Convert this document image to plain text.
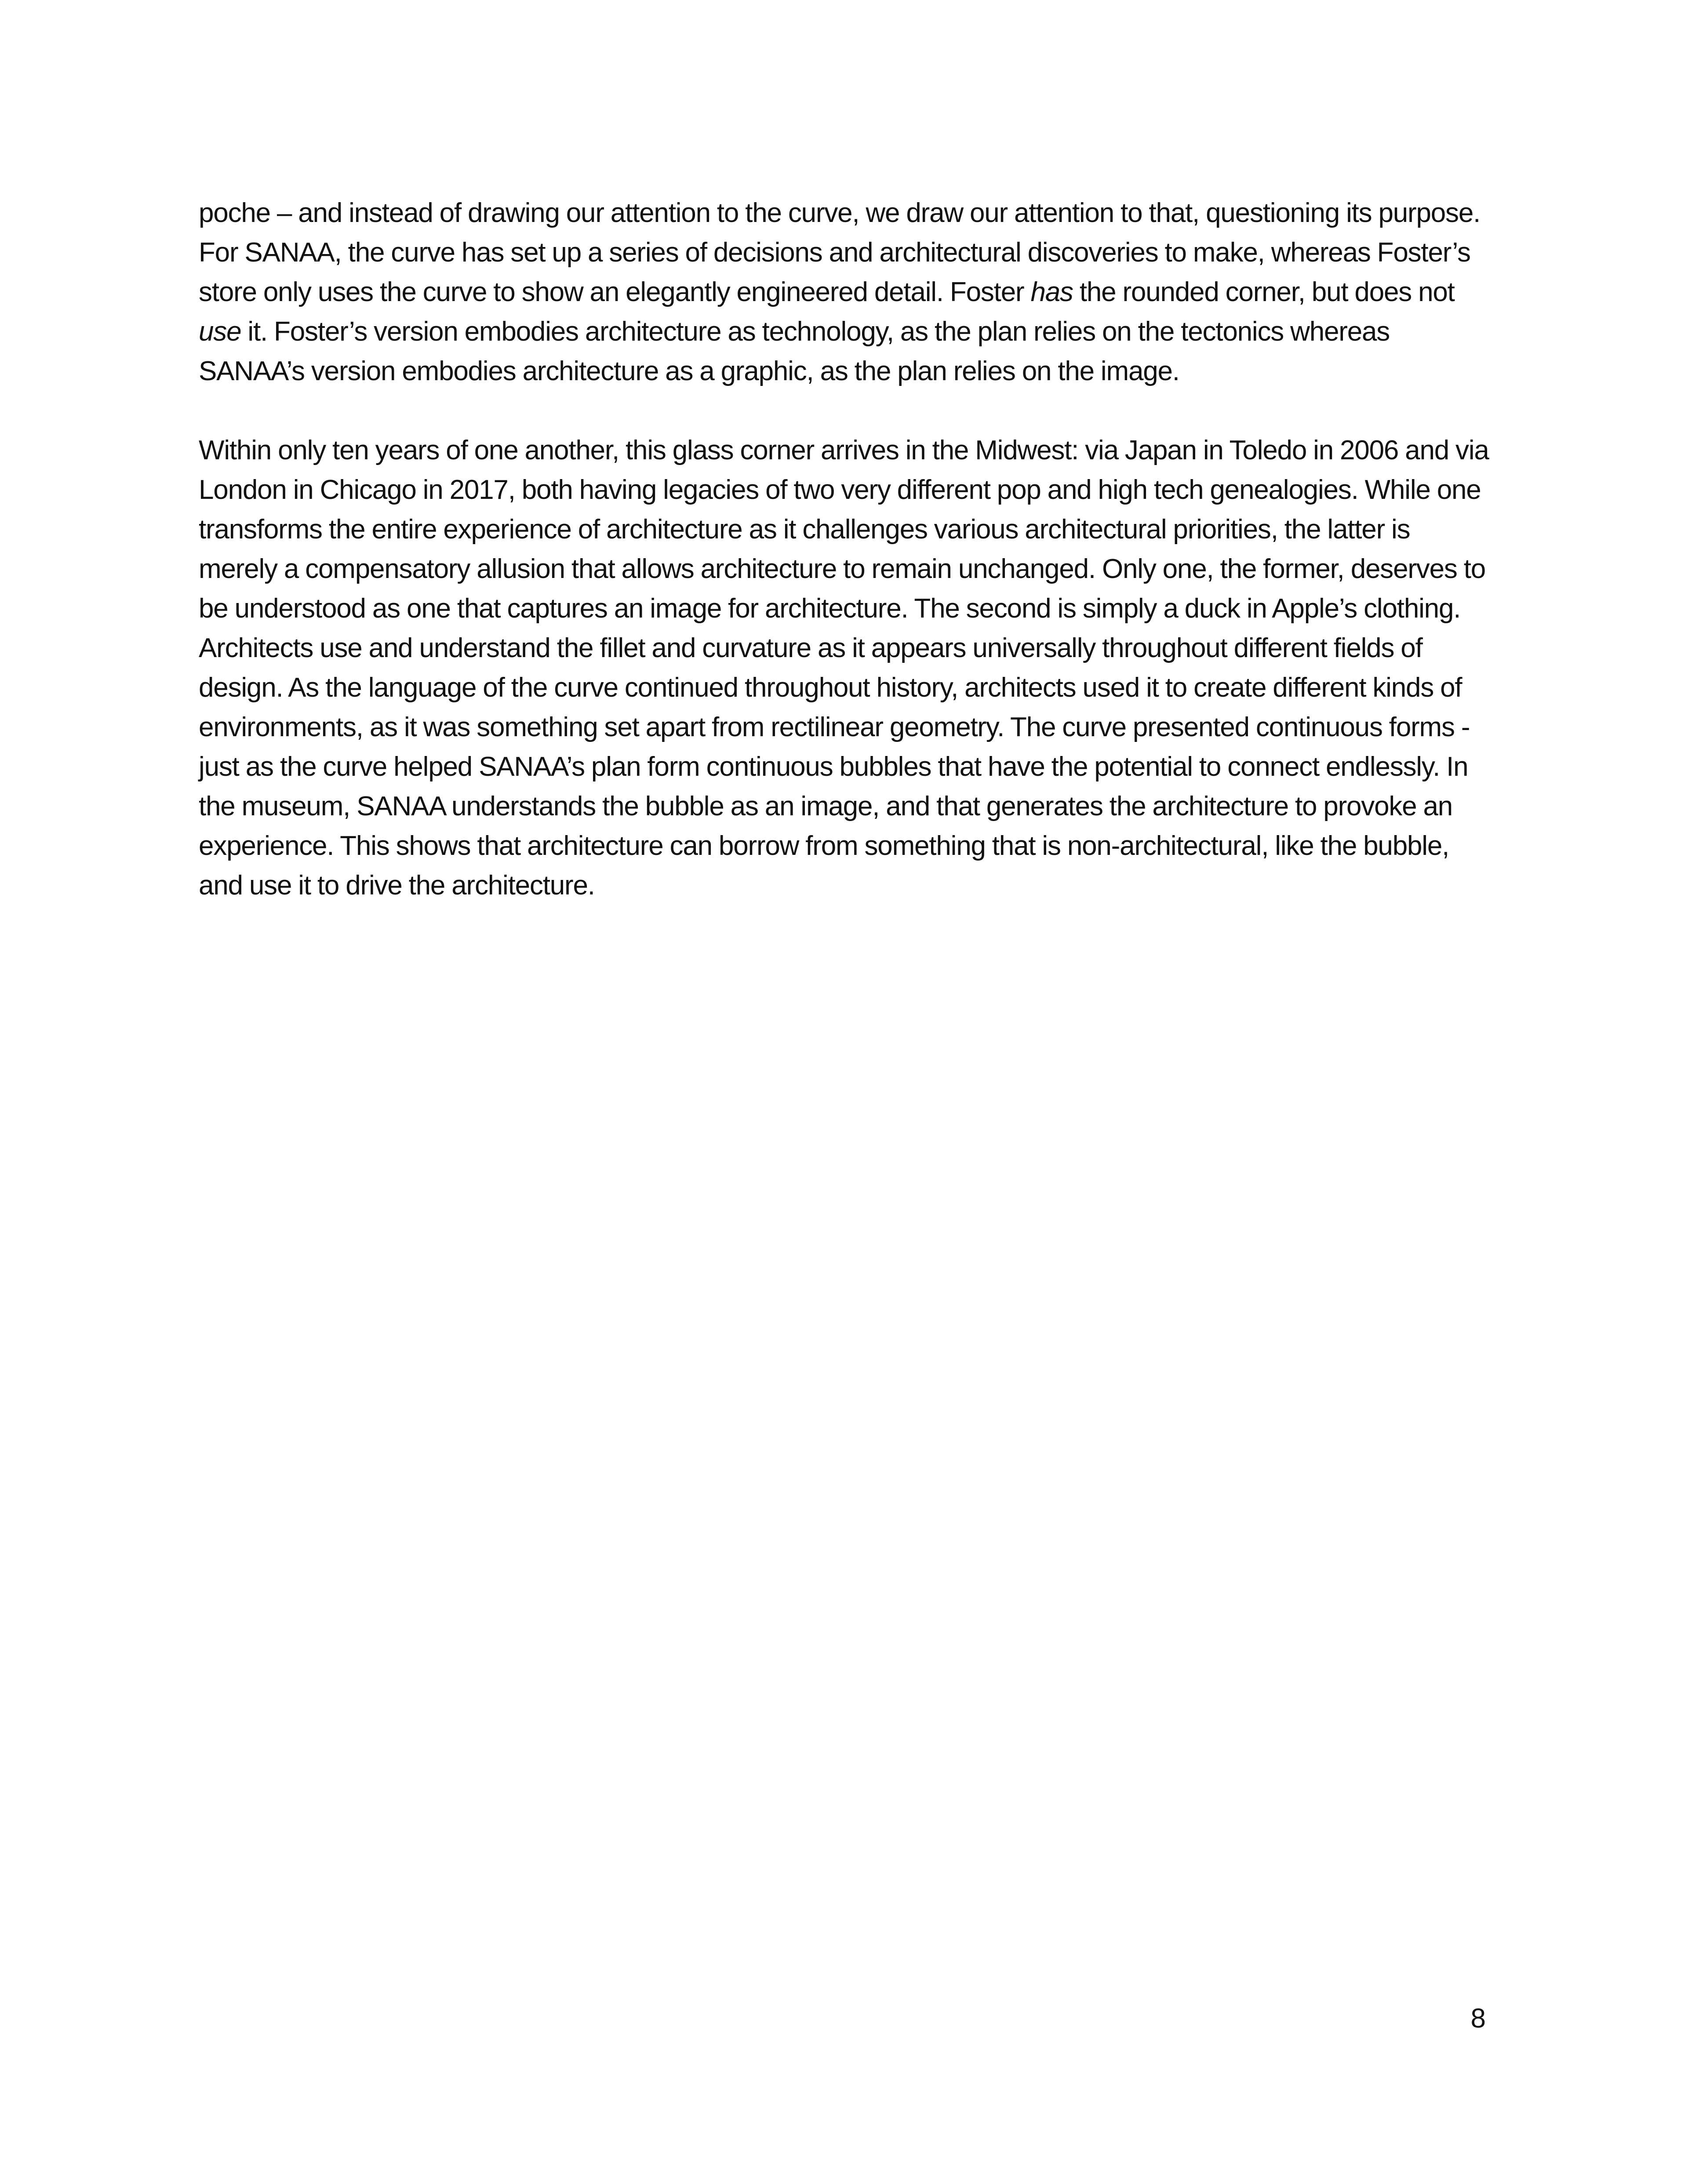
poche – and instead of drawing our attention to the curve, we draw our attention to that, questioning its purpose. For SANAA, the curve has set up a series of decisions and architectural discoveries to make, whereas Foster’s store only uses the curve to show an elegantly engineered detail. Foster has the rounded corner, but does not use it. Foster’s version embodies architecture as technology, as the plan relies on the tectonics whereas SANAA’s version embodies architecture as a graphic, as the plan relies on the image.

Within only ten years of one another, this glass corner arrives in the Midwest: via Japan in Toledo in 2006 and via London in Chicago in 2017, both having legacies of two very different pop and high tech genealogies. While one transforms the entire experience of architecture as it challenges various architectural priorities, the latter is merely a compensatory allusion that allows architecture to remain unchanged. Only one, the former, deserves to be understood as one that captures an image for architecture. The second is simply a duck in Apple’s clothing. Architects use and understand the fillet and curvature as it appears universally throughout different fields of design. As the language of the curve continued throughout history, architects used it to create different kinds of environments, as it was something set apart from rectilinear geometry. The curve presented continuous forms - just as the curve helped SANAA’s plan form continuous bubbles that have the potential to connect endlessly. In the museum, SANAA understands the bubble as an image, and that generates the architecture to provoke an experience. This shows that architecture can borrow from something that is non-architectural, like the bubble, and use it to drive the architecture.

8
